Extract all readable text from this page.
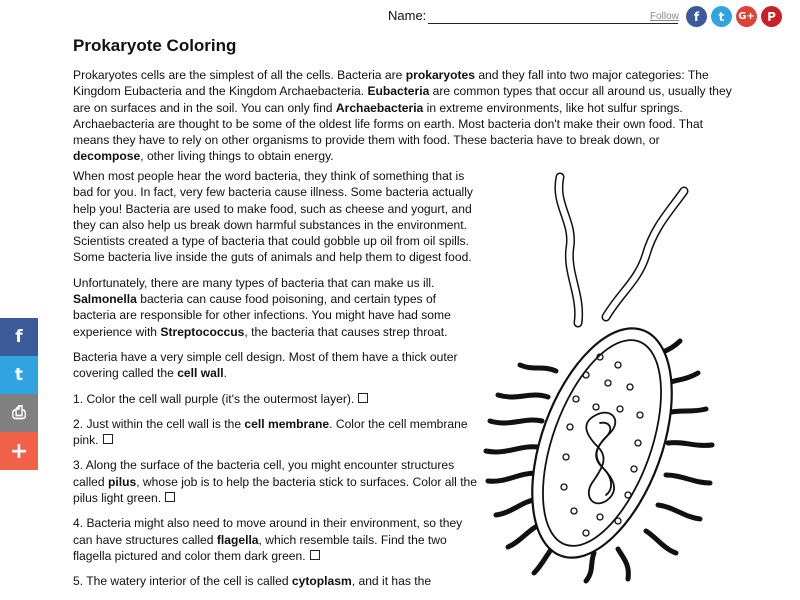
Name:	Follow	f	t	G+	P
Prokaryote Coloring

Prokaryotes cells are the simplest of all the cells. Bacteria are prokaryotes and they fall into two major categories: The Kingdom Eubacteria and the Kingdom Archaebacteria. Eubacteria are common types that occur all around us, usually they are on surfaces and in the soil. You can only find Archaebacteria in extreme environments, like hot sulfur springs. Archaebacteria are thought to be some of the oldest life forms on earth. Most bacteria don't make their own food. That means they have to rely on other organisms to provide them with food. These bacteria have to break down, or decompose, other living things to obtain energy.

When most people hear the word bacteria, they think of something that is bad for you. In fact, very few bacteria cause illness. Some bacteria actually help you! Bacteria are used to make food, such as cheese and yogurt, and they can also help us break down harmful substances in the environment. Scientists created a type of bacteria that could gobble up oil from oil spills. Some bacteria live inside the guts of animals and help them to digest food.

Unfortunately, there are many types of bacteria that can make us ill. Salmonella bacteria can cause food poisoning, and certain types of bacteria are responsible for other infections. You might have had some experience with Streptococcus, the bacteria that causes strep throat.

Bacteria have a very simple cell design. Most of them have a thick outer covering called the cell wall.

1. Color the cell wall purple (it's the outermost layer).

2. Just within the cell wall is the cell membrane. Color the cell membrane pink.

3. Along the surface of the bacteria cell, you might encounter structures called pilus, whose job is to help the bacteria stick to surfaces. Color all the pilus light green.

4. Bacteria might also need to move around in their environment, so they can have structures called flagella, which resemble tails. Find the two flagella pictured and color them dark green.

5. The watery interior of the cell is called cytoplasm, and it has the

f
t
⎙
+
